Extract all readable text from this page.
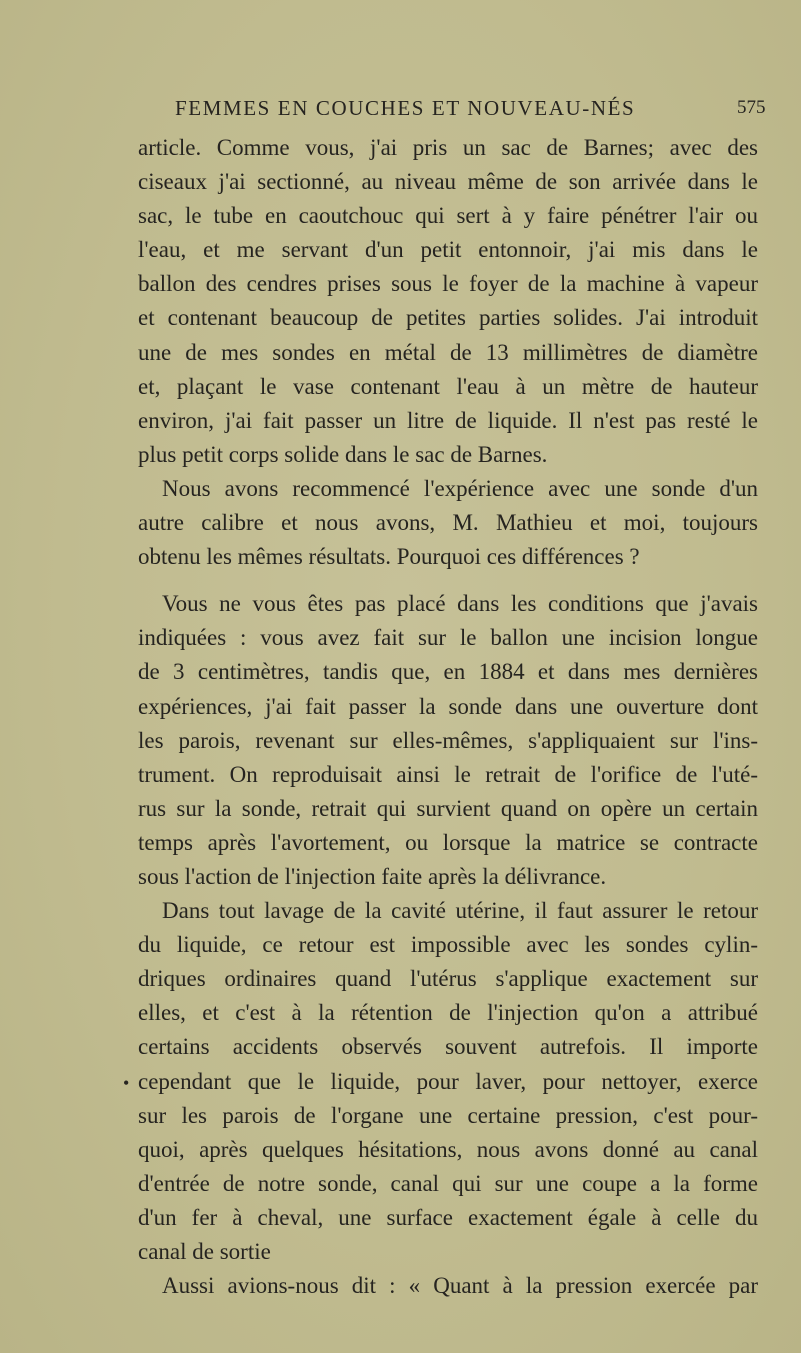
FEMMES EN COUCHES ET NOUVEAU-NÉS	575
•
article. Comme vous, j'ai pris un sac de Barnes; avec des
ciseaux j'ai sectionné, au niveau même de son arrivée dans le
sac, le tube en caoutchouc qui sert à y faire pénétrer l'air ou
l'eau, et me servant d'un petit entonnoir, j'ai mis dans le
ballon des cendres prises sous le foyer de la machine à vapeur
et contenant beaucoup de petites parties solides. J'ai introduit
une de mes sondes en métal de 13 millimètres de diamètre
et, plaçant le vase contenant l'eau à un mètre de hauteur
environ, j'ai fait passer un litre de liquide. Il n'est pas resté le
plus petit corps solide dans le sac de Barnes.
Nous avons recommencé l'expérience avec une sonde d'un
autre calibre et nous avons, M. Mathieu et moi, toujours
obtenu les mêmes résultats. Pourquoi ces différences ?
Vous ne vous êtes pas placé dans les conditions que j'avais
indiquées : vous avez fait sur le ballon une incision longue
de 3 centimètres, tandis que, en 1884 et dans mes dernières
expériences, j'ai fait passer la sonde dans une ouverture dont
les parois, revenant sur elles-mêmes, s'appliquaient sur l'ins-
trument. On reproduisait ainsi le retrait de l'orifice de l'uté-
rus sur la sonde, retrait qui survient quand on opère un certain
temps après l'avortement, ou lorsque la matrice se contracte
sous l'action de l'injection faite après la délivrance.
Dans tout lavage de la cavité utérine, il faut assurer le retour
du liquide, ce retour est impossible avec les sondes cylin-
driques ordinaires quand l'utérus s'applique exactement sur
elles, et c'est à la rétention de l'injection qu'on a attribué
certains accidents observés souvent autrefois. Il importe
cependant que le liquide, pour laver, pour nettoyer, exerce
sur les parois de l'organe une certaine pression, c'est pour-
quoi, après quelques hésitations, nous avons donné au canal
d'entrée de notre sonde, canal qui sur une coupe a la forme
d'un fer à cheval, une surface exactement égale à celle du
canal de sortie
Aussi avions-nous dit : « Quant à la pression exercée par
